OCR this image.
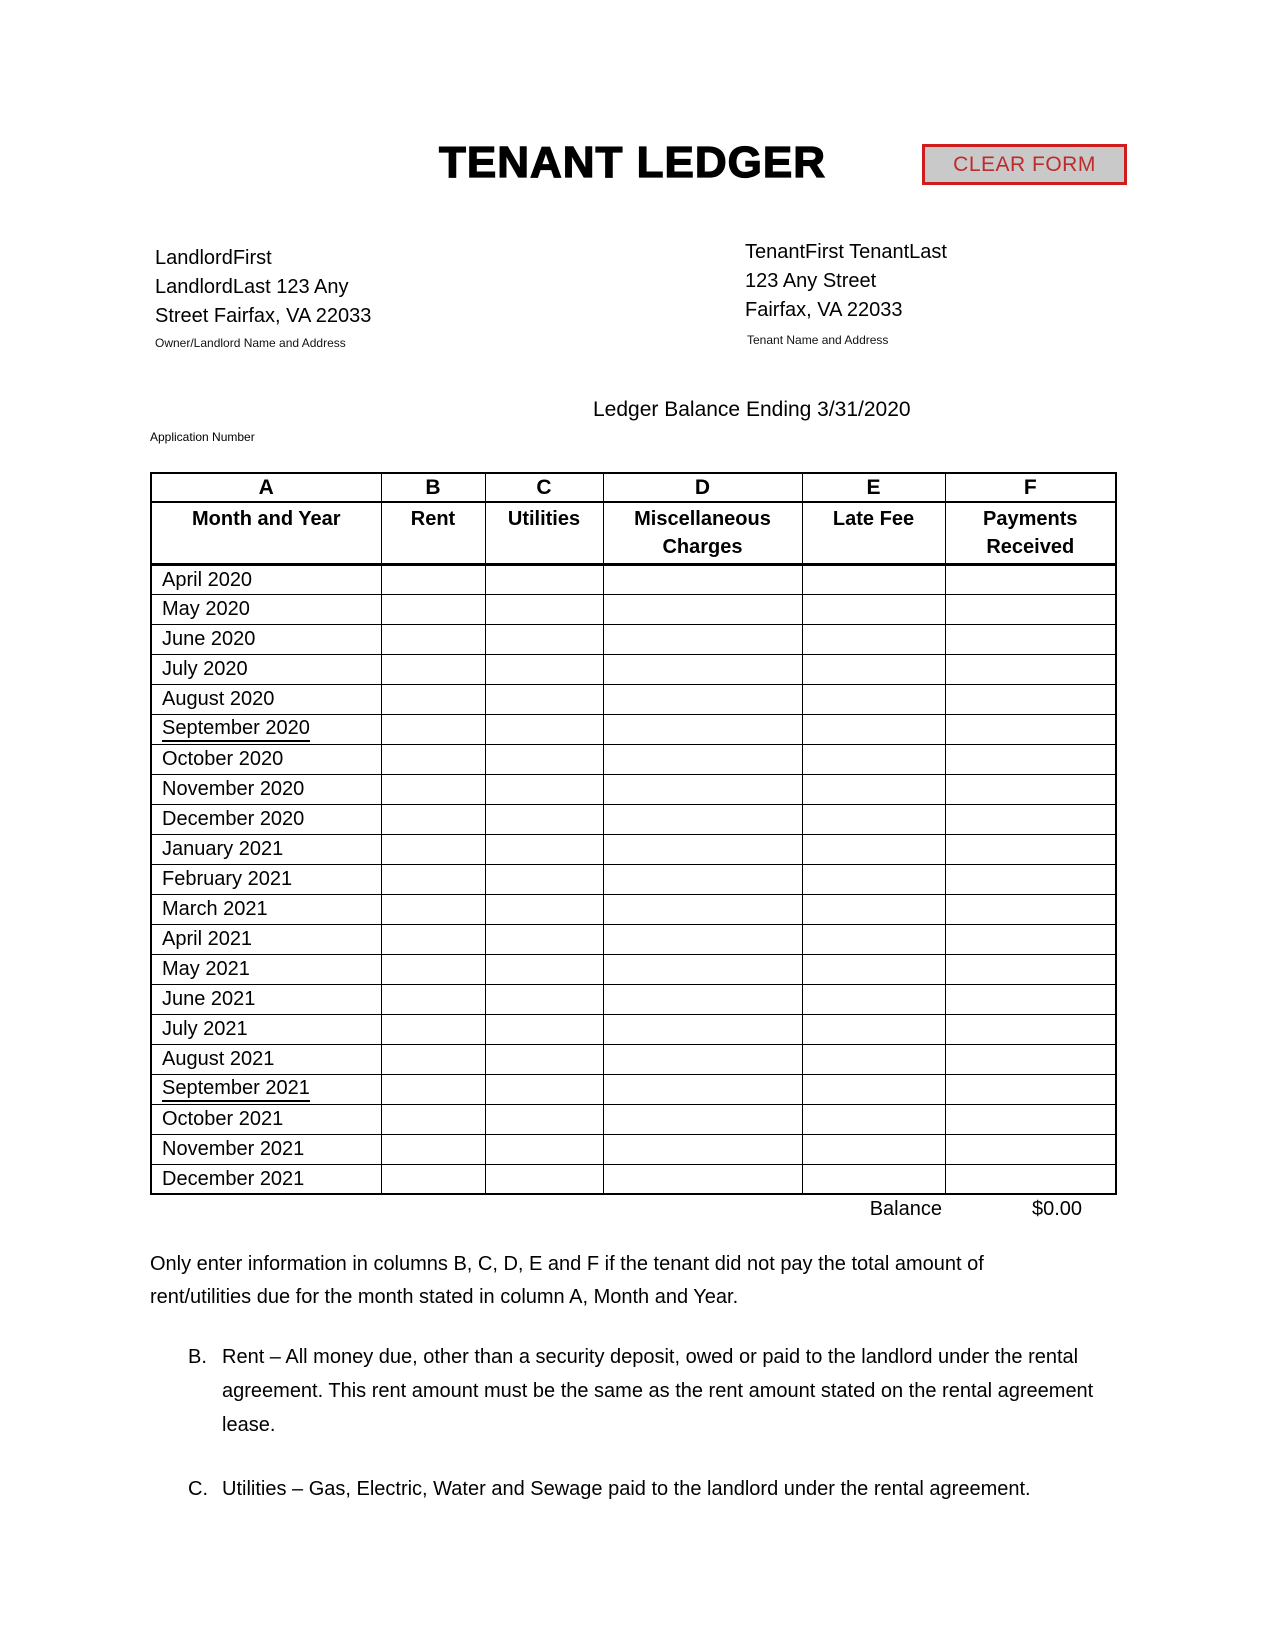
TENANT LEDGER	CLEAR FORM
LandlordFirst
LandlordLast 123 Any
Street Fairfax, VA 22033
Owner/Landlord Name and Address
TenantFirst TenantLast
123 Any Street
Fairfax, VA 22033
Tenant Name and Address
Application Number
Ledger Balance Ending 3/31/2020
A	B	C	D	E	F
Month and Year	Rent	Utilities	Miscellaneous Charges	Late Fee	Payments Received
April 2020					
May 2020					
June 2020					
July 2020					
August 2020					
September 2020					
October 2020					
November 2020					
December 2020					
January 2021					
February 2021					
March 2021					
April 2021					
May 2021					
June 2021					
July 2021					
August 2021					
September 2021					
October 2021					
November 2021					
December 2021					
Balance	$0.00
Only enter information in columns B, C, D, E and F if the tenant did not pay the total amount of rent/utilities due for the month stated in column A, Month and Year.
B. Rent – All money due, other than a security deposit, owed or paid to the landlord under the rental agreement. This rent amount must be the same as the rent amount stated on the rental agreement lease.
C. Utilities – Gas, Electric, Water and Sewage paid to the landlord under the rental agreement.
